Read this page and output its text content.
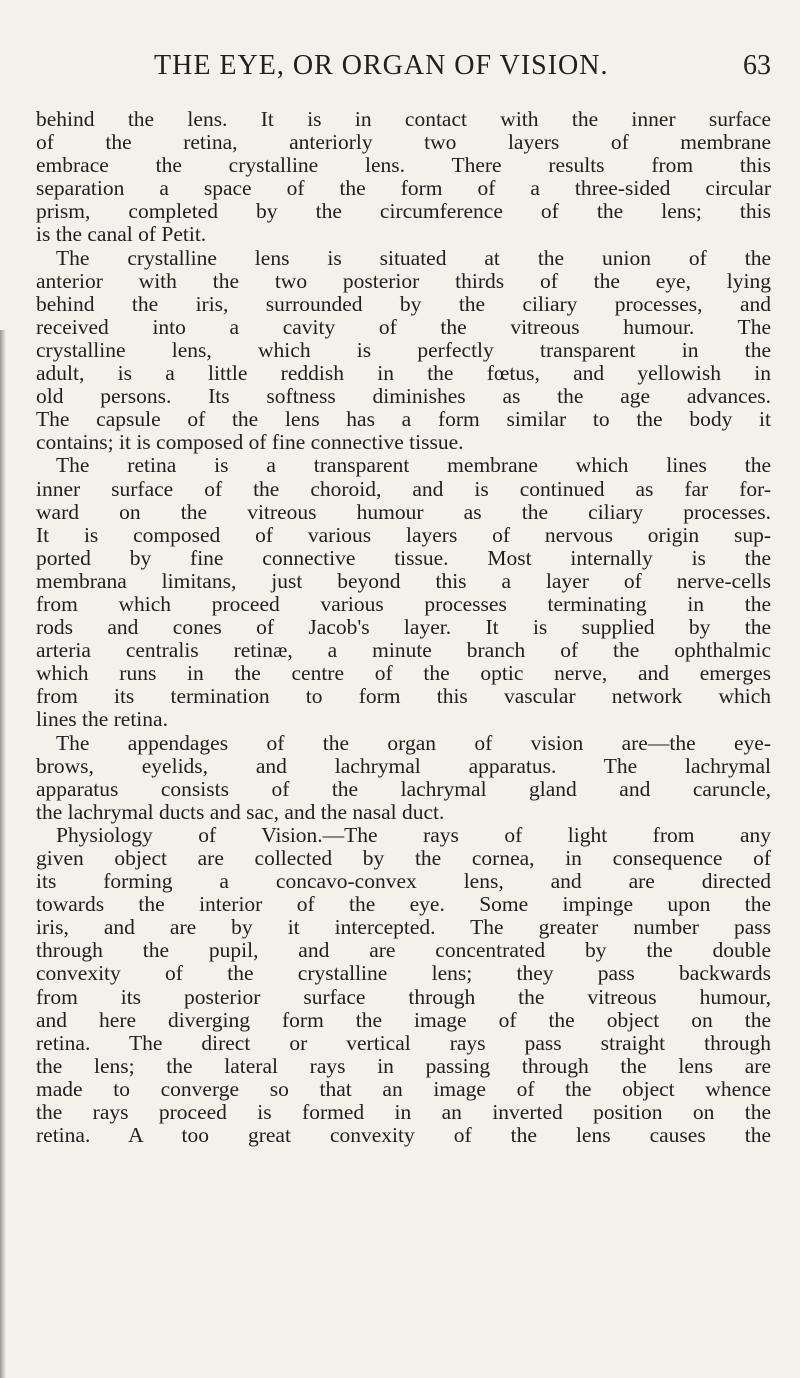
THE EYE, OR ORGAN OF VISION.	63
behind the lens. It is in contact with the inner surface
of the retina, anteriorly two layers of membrane
embrace the crystalline lens. There results from this
separation a space of the form of a three-sided circular
prism, completed by the circumference of the lens; this
is the canal of Petit.
The crystalline lens is situated at the union of the
anterior with the two posterior thirds of the eye, lying
behind the iris, surrounded by the ciliary processes, and
received into a cavity of the vitreous humour. The
crystalline lens, which is perfectly transparent in the
adult, is a little reddish in the fœtus, and yellowish in
old persons. Its softness diminishes as the age advances.
The capsule of the lens has a form similar to the body it
contains; it is composed of fine connective tissue.
The retina is a transparent membrane which lines the
inner surface of the choroid, and is continued as far for-
ward on the vitreous humour as the ciliary processes.
It is composed of various layers of nervous origin sup-
ported by fine connective tissue. Most internally is the
membrana limitans, just beyond this a layer of nerve-cells
from which proceed various processes terminating in the
rods and cones of Jacob's layer. It is supplied by the
arteria centralis retinæ, a minute branch of the ophthalmic
which runs in the centre of the optic nerve, and emerges
from its termination to form this vascular network which
lines the retina.
The appendages of the organ of vision are—the eye-
brows, eyelids, and lachrymal apparatus. The lachrymal
apparatus consists of the lachrymal gland and caruncle,
the lachrymal ducts and sac, and the nasal duct.
Physiology of Vision.—The rays of light from any
given object are collected by the cornea, in consequence of
its forming a concavo-convex lens, and are directed
towards the interior of the eye. Some impinge upon the
iris, and are by it intercepted. The greater number pass
through the pupil, and are concentrated by the double
convexity of the crystalline lens; they pass backwards
from its posterior surface through the vitreous humour,
and here diverging form the image of the object on the
retina. The direct or vertical rays pass straight through
the lens; the lateral rays in passing through the lens are
made to converge so that an image of the object whence
the rays proceed is formed in an inverted position on the
retina. A too great convexity of the lens causes the
